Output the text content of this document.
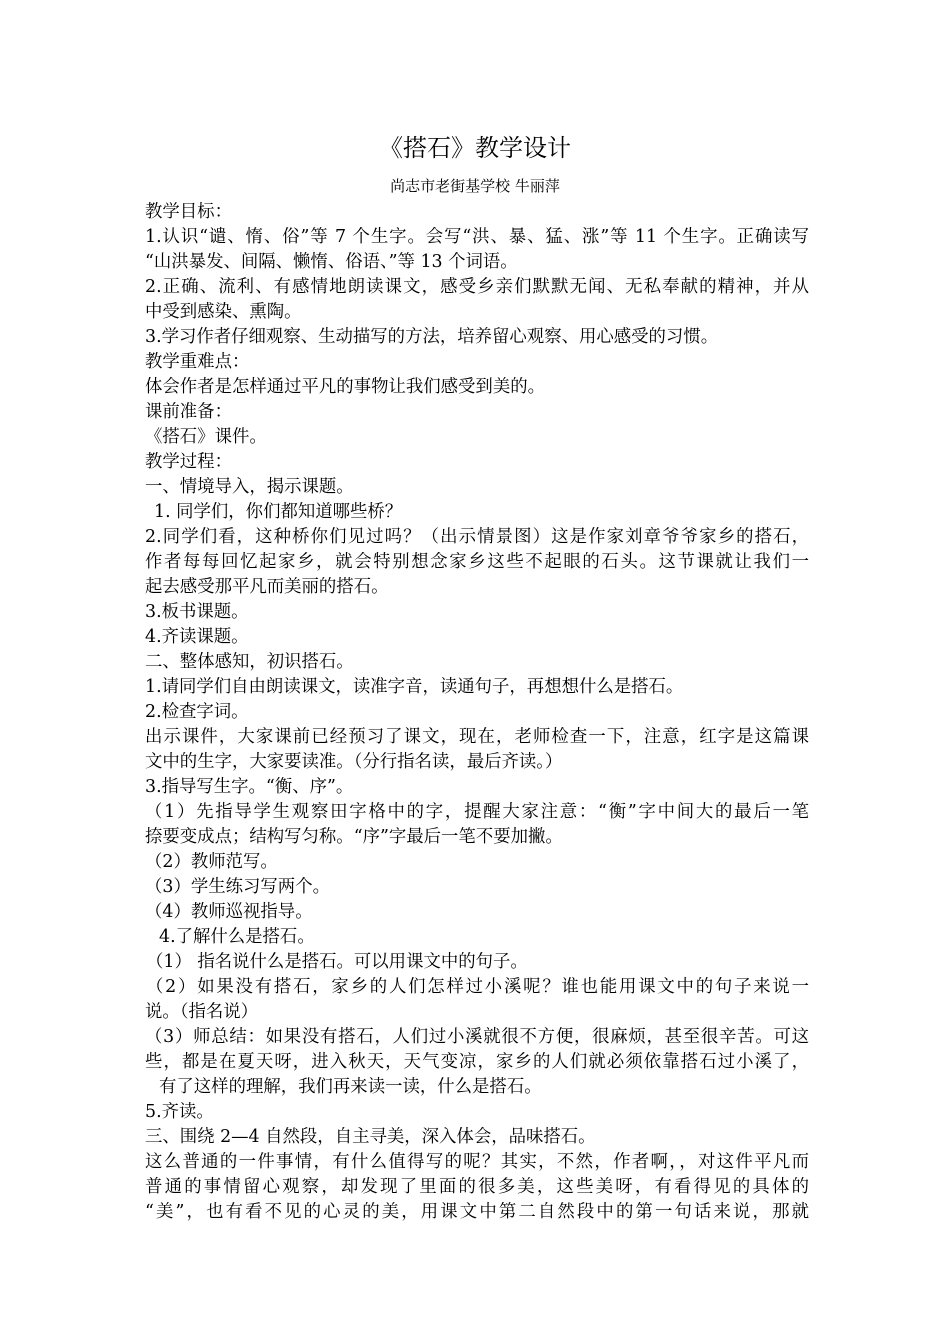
《搭石》教学设计
尚志市老街基学校 牛丽萍
教学目标：
1.认识“谴、惰、俗”等 7 个生字。会写“洪、暴、猛、涨”等 11 个生字。正确读写
“山洪暴发、间隔、懒惰、俗语、”等 13 个词语。
2.正确、流利、有感情地朗读课文，感受乡亲们默默无闻、无私奉献的精神，并从
中受到感染、熏陶。
3.学习作者仔细观察、生动描写的方法，培养留心观察、用心感受的习惯。
教学重难点：
体会作者是怎样通过平凡的事物让我们感受到美的。
课前准备：
《搭石》课件。
教学过程：
一、情境导入，揭示课题。
1. 同学们，你们都知道哪些桥？
2.同学们看，这种桥你们见过吗？（出示情景图）这是作家刘章爷爷家乡的搭石，
作者每每回忆起家乡，就会特别想念家乡这些不起眼的石头。这节课就让我们一
起去感受那平凡而美丽的搭石。
3.板书课题。
4.齐读课题。
二、整体感知，初识搭石。
1.请同学们自由朗读课文，读准字音，读通句子，再想想什么是搭石。
2.检查字词。
出示课件，大家课前已经预习了课文，现在，老师检查一下，注意，红字是这篇课
文中的生字，大家要读准。（分行指名读，最后齐读。）
3.指导写生字。“衡、序”。
（1）先指导学生观察田字格中的字，提醒大家注意：“衡”字中间大的最后一笔
捺要变成点；结构写匀称。“序”字最后一笔不要加撇。
（2）教师范写。
（3）学生练习写两个。
（4）教师巡视指导。
4.了解什么是搭石。
（1） 指名说什么是搭石。可以用课文中的句子。
（2）如果没有搭石，家乡的人们怎样过小溪呢？谁也能用课文中的句子来说一
说。（指名说）
（3）师总结：如果没有搭石，人们过小溪就很不方便，很麻烦，甚至很辛苦。可这
些，都是在夏天呀，进入秋天，天气变凉，家乡的人们就必须依靠搭石过小溪了，
有了这样的理解，我们再来读一读，什么是搭石。
5.齐读。
三、围绕 2—4 自然段，自主寻美，深入体会，品味搭石。
这么普通的一件事情，有什么值得写的呢？其实，不然，作者啊，，对这件平凡而
普通的事情留心观察，却发现了里面的很多美，这些美呀，有看得见的具体的
“美”，也有看不见的心灵的美，用课文中第二自然段中的第一句话来说，那就
